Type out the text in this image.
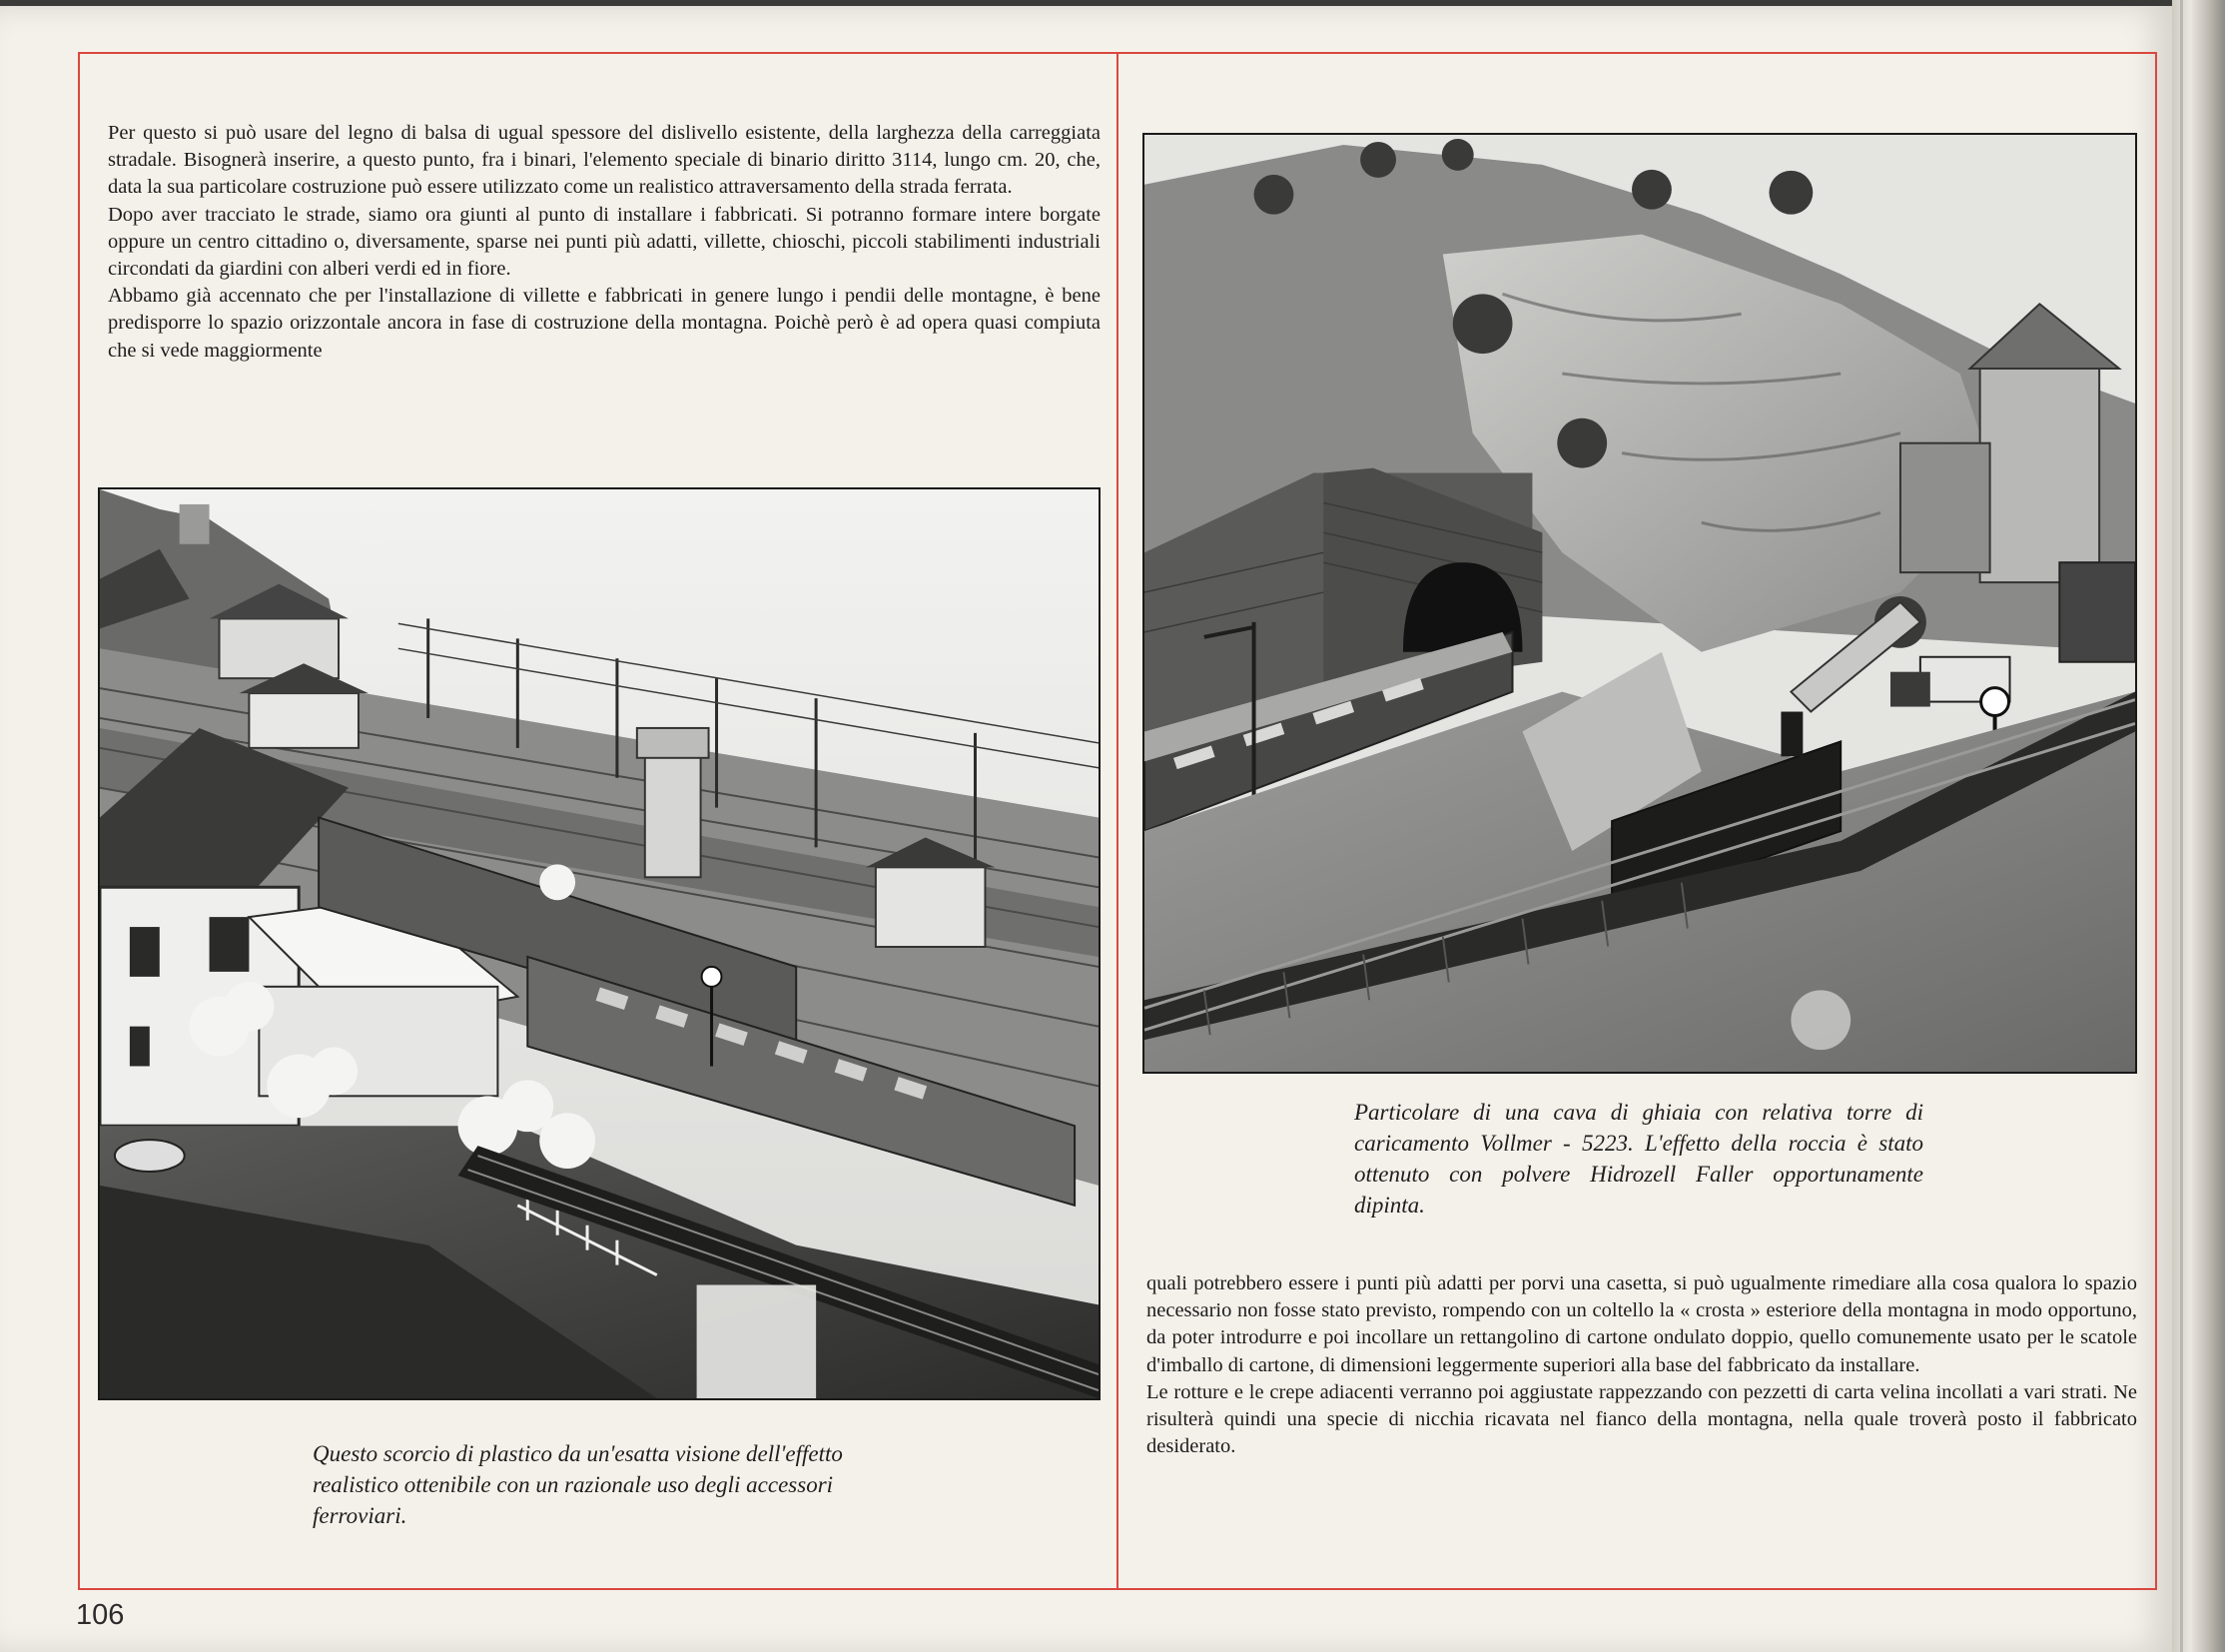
Per questo si può usare del legno di balsa di ugual spessore del dislivello esistente, della larghezza della carreggiata stradale. Bisognerà inserire, a questo punto, fra i binari, l'elemento speciale di binario diritto 3114, lungo cm. 20, che, data la sua particolare costruzione può essere utilizzato come un realistico attraversamento della strada ferrata.

Dopo aver tracciato le strade, siamo ora giunti al punto di installare i fabbricati. Si potranno formare intere borgate oppure un centro cittadino o, diversamente, sparse nei punti più adatti, villette, chioschi, piccoli stabilimenti industriali circondati da giardini con alberi verdi ed in fiore.

Abbamo già accennato che per l'installazione di villette e fabbricati in genere lungo i pendii delle montagne, è bene predisporre lo spazio orizzontale ancora in fase di costruzione della montagna. Poichè però è ad opera quasi compiuta che si vede maggiormente

Questo scorcio di plastico da un'esatta visione dell'effetto realistico ottenibile con un razionale uso degli accessori ferroviari.

Particolare di una cava di ghiaia con relativa torre di caricamento Vollmer - 5223. L'effetto della roccia è stato ottenuto con polvere Hidrozell Faller opportunamente dipinta.

quali potrebbero essere i punti più adatti per porvi una casetta, si può ugualmente rimediare alla cosa qualora lo spazio necessario non fosse stato previsto, rompendo con un coltello la « crosta » esteriore della montagna in modo opportuno, da poter introdurre e poi incollare un rettangolino di cartone ondulato doppio, quello comunemente usato per le scatole d'imballo di cartone, di dimensioni leggermente superiori alla base del fabbricato da installare.

Le rotture e le crepe adiacenti verranno poi aggiustate rappezzando con pezzetti di carta velina incollati a vari strati. Ne risulterà quindi una specie di nicchia ricavata nel fianco della montagna, nella quale troverà posto il fabbricato desiderato.

106
